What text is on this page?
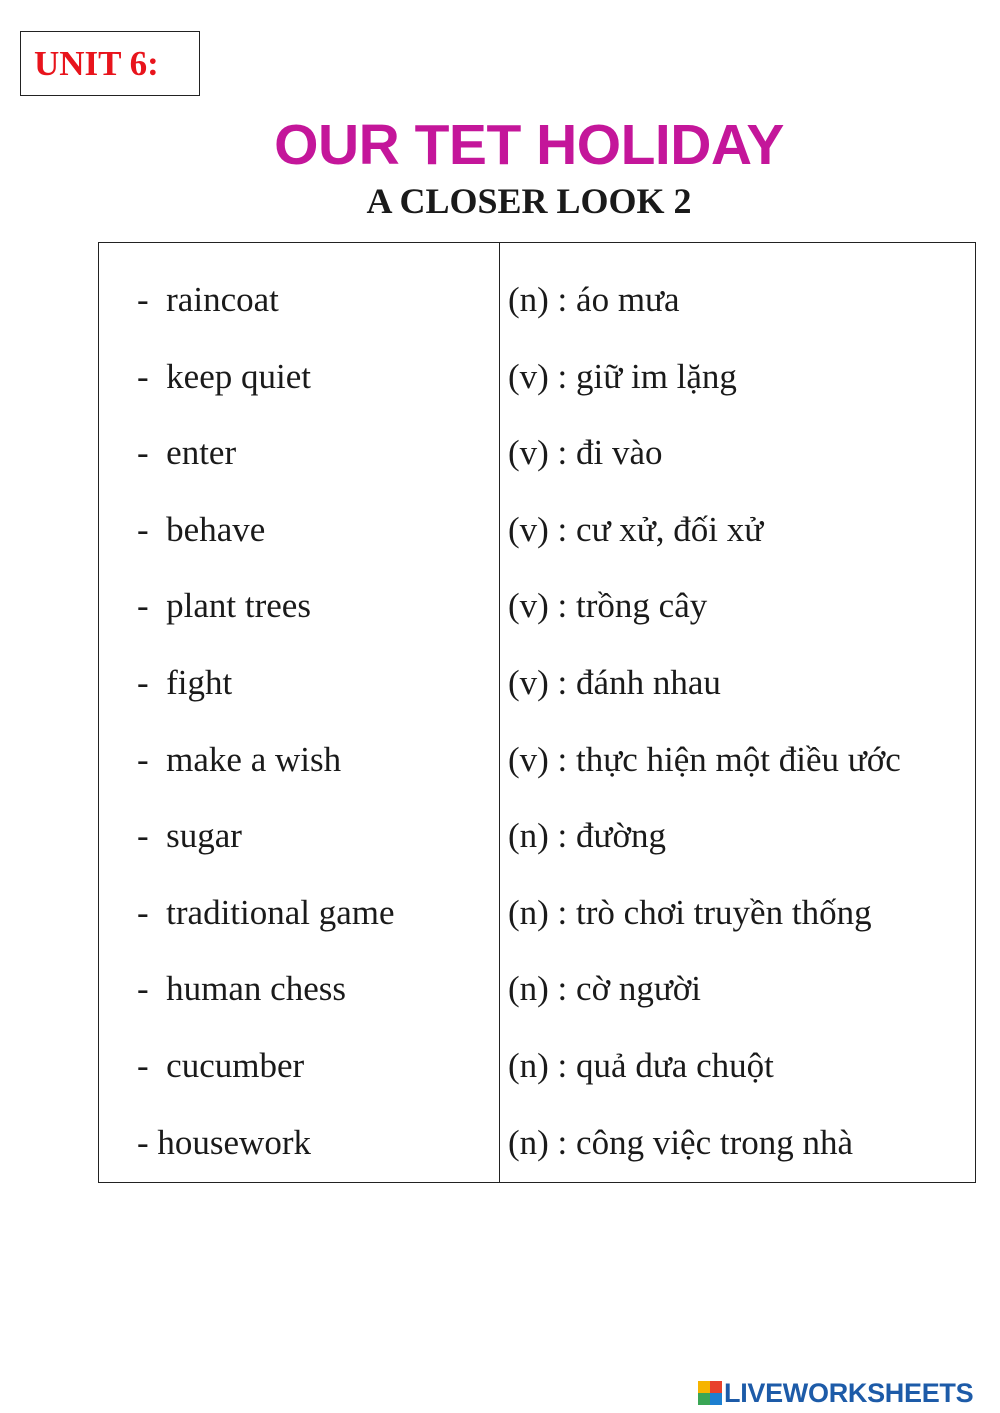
UNIT 6:
OUR TET HOLIDAY
A CLOSER LOOK 2
-  raincoat	(n) : áo mưa
-  keep quiet	(v) : giữ im lặng
-  enter	(v) : đi vào
-  behave	(v) : cư xử, đối xử
-  plant trees	(v) : trồng cây
-  fight	(v) : đánh nhau
-  make a wish	(v) : thực hiện một điều ước
-  sugar	(n) : đường
-  traditional game	(n) : trò chơi truyền thống
-  human chess	(n) : cờ người
-  cucumber	(n) : quả dưa chuột
- housework	(n) : công việc trong nhà
LIVEWORKSHEETS
